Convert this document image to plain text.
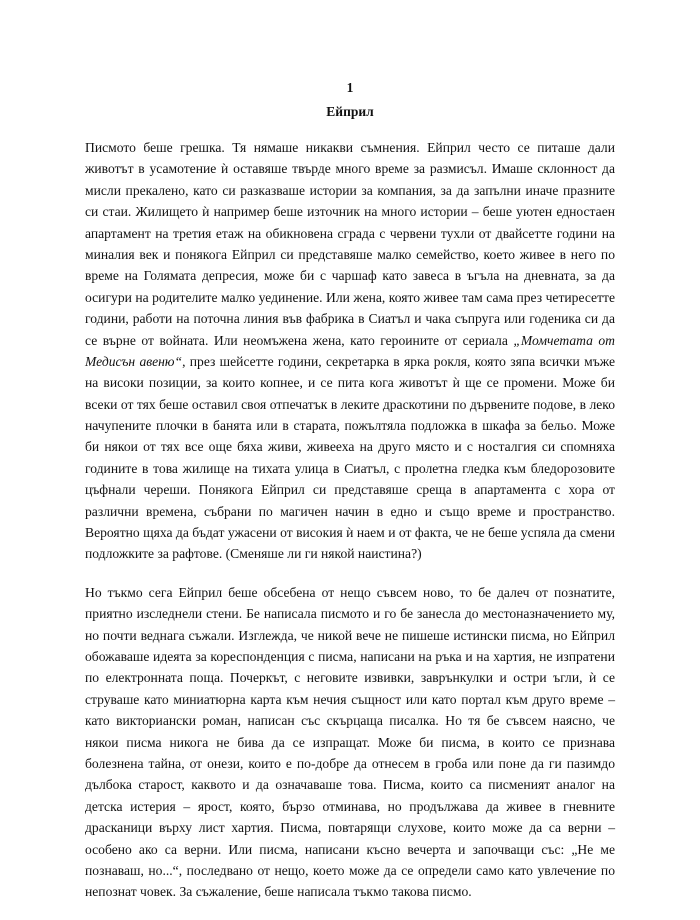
1
Ейприл
Писмото беше грешка. Тя нямаше никакви съмнения. Ейприл често се питаше дали
животът в усамотение ѝ оставяше твърде много време за размисъл. Имаше склонност да
мисли прекалено, като си разказваше истории за компания, за да запълни иначе празните
си стаи. Жилището ѝ например беше източник на много истории – беше уютен едностаен
апартамент на третия етаж на обикновена сграда с червени тухли от двайсетте години на
миналия век и понякога Ейприл си представяше малко семейство, което живее в него по
време на Голямата депресия, може би с чаршаф като завеса в ъгъла на дневната, за да
осигури на родителите малко уединение. Или жена, която живее там сама през четиресетте
години, работи на поточна линия във фабрика в Сиатъл и чака съпруга или годеника си да
се върне от войната. Или неомъжена жена, като героините от сериала „Момчетата от
Медисън авеню“, през шейсетте години, секретарка в ярка рокля, която зяпа всички мъже
на високи позиции, за които копнее, и се пита кога животът ѝ ще се промени. Може би
всеки от тях беше оставил своя отпечатък в леките драскотини по дървените подове, в леко
начупените плочки в банята или в старата, пожълтяла подложка в шкафа за бельо. Може
би някои от тях все още бяха живи, живееха на друго място и с носталгия си спомняха
годините в това жилище на тихата улица в Сиатъл, с пролетна гледка към бледорозовите
цъфнали череши. Понякога Ейприл си представяше среща в апартамента с хора от
различни времена, събрани по магичен начин в едно и също време и пространство.
Вероятно щяха да бъдат ужасени от високия ѝ наем и от факта, че не беше успяла да смени
подложките за рафтове. (Сменяше ли ги някой наистина?)
Но тъкмо сега Ейприл беше обсебена от нещо съвсем ново, то бе далеч от познатите,
приятно изследнели стени. Бе написала писмото и го бе занесла до местоназначението му,
но почти веднага съжали. Изглежда, че никой вече не пишеше истински писма, но Ейприл
обожаваше идеята за кореспонденция с писма, написани на ръка и на хартия, не изпратени
по електронната поща. Почеркът, с неговите извивки, заврънкулки и остри ъгли, ѝ се
струваше като миниатюрна карта към нечия същност или като портал към друго време –
като викториански роман, написан със скърцаща писалка. Но тя бе съвсем наясно, че
някои писма никога не бива да се изпращат. Може би писма, в които се признава
болезнена тайна, от онези, които е по-добре да отнесем в гроба или поне да ги пазимдо
дълбока старост, каквото и да означаваше това. Писма, които са писменият аналог на
детска истерия – ярост, която, бързо отминава, но продължава да живее в гневните
драсканици върху лист хартия. Писма, повтарящи слухове, които може да са верни –
особено ако са верни. Или писма, написани късно вечерта и започващи със: „Не ме
познаваш, но...“, последвано от нещо, което може да се определи само като увлечение по
непознат човек. За съжаление, беше написала тъкмо такова писмо.
